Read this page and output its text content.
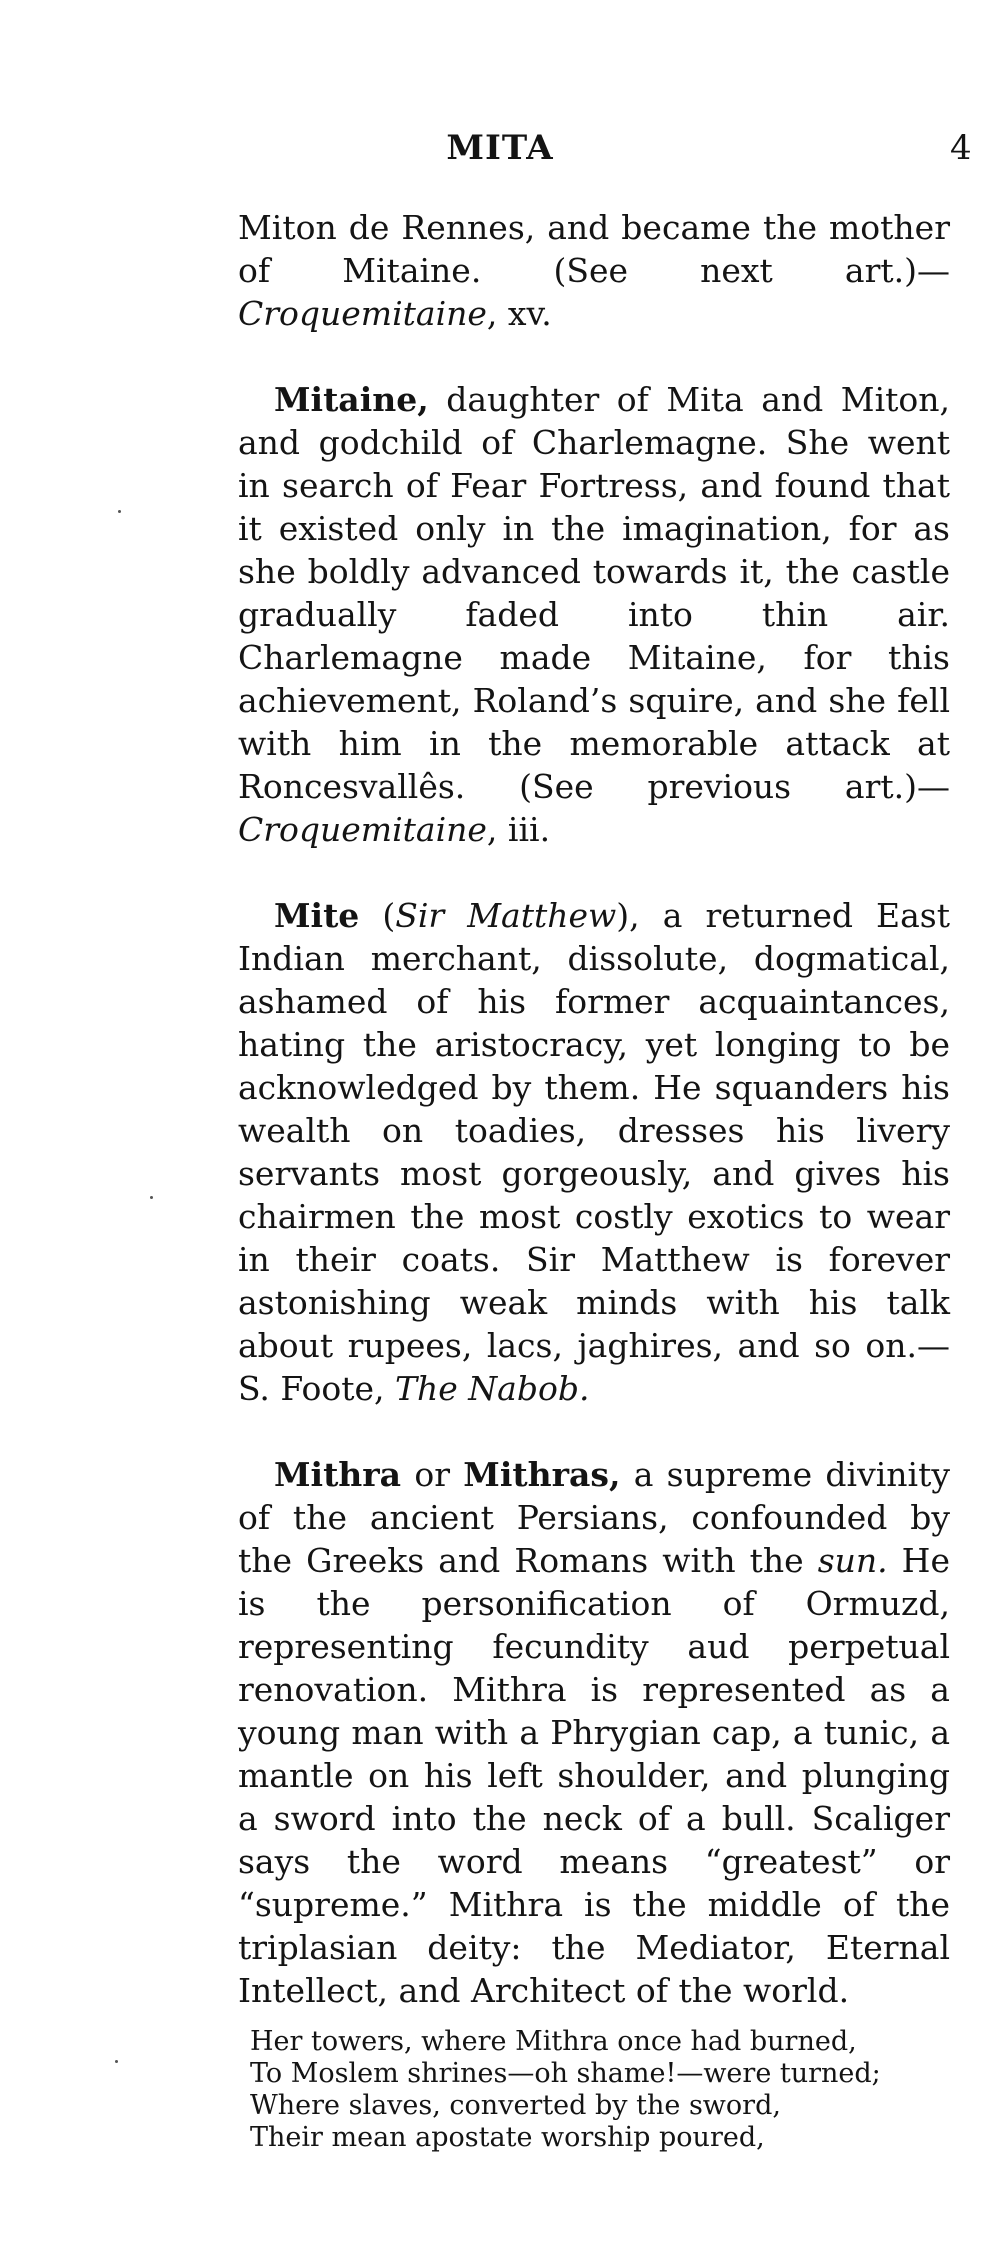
MITA	4

Miton de Rennes, and became the mother of Mitaine. (See next art.)—Croquemitaine, xv.

Mitaine, daughter of Mita and Miton, and godchild of Charlemagne. She went in search of Fear Fortress, and found that it existed only in the imagination, for as she boldly advanced towards it, the castle gradually faded into thin air. Charlemagne made Mitaine, for this achievement, Roland’s squire, and she fell with him in the memorable attack at Roncesvallês. (See previous art.)—Croquemitaine, iii.

Mite (Sir Matthew), a returned East Indian merchant, dissolute, dogmatical, ashamed of his former acquaintances, hating the aristocracy, yet longing to be acknowledged by them. He squanders his wealth on toadies, dresses his livery servants most gorgeously, and gives his chairmen the most costly exotics to wear in their coats. Sir Matthew is forever astonishing weak minds with his talk about rupees, lacs, jaghires, and so on.—S. Foote, The Nabob.

Mithra or Mithras, a supreme divinity of the ancient Persians, confounded by the Greeks and Romans with the sun. He is the personification of Ormuzd, representing fecundity aud perpetual renovation. Mithra is represented as a young man with a Phrygian cap, a tunic, a mantle on his left shoulder, and plunging a sword into the neck of a bull. Scaliger says the word means “greatest” or “supreme.” Mithra is the middle of the triplasian deity: the Mediator, Eternal Intellect, and Architect of the world.

Her towers, where Mithra once had burned,
To Moslem shrines—oh shame!—were turned;
Where slaves, converted by the sword,
Their mean apostate worship poured,
